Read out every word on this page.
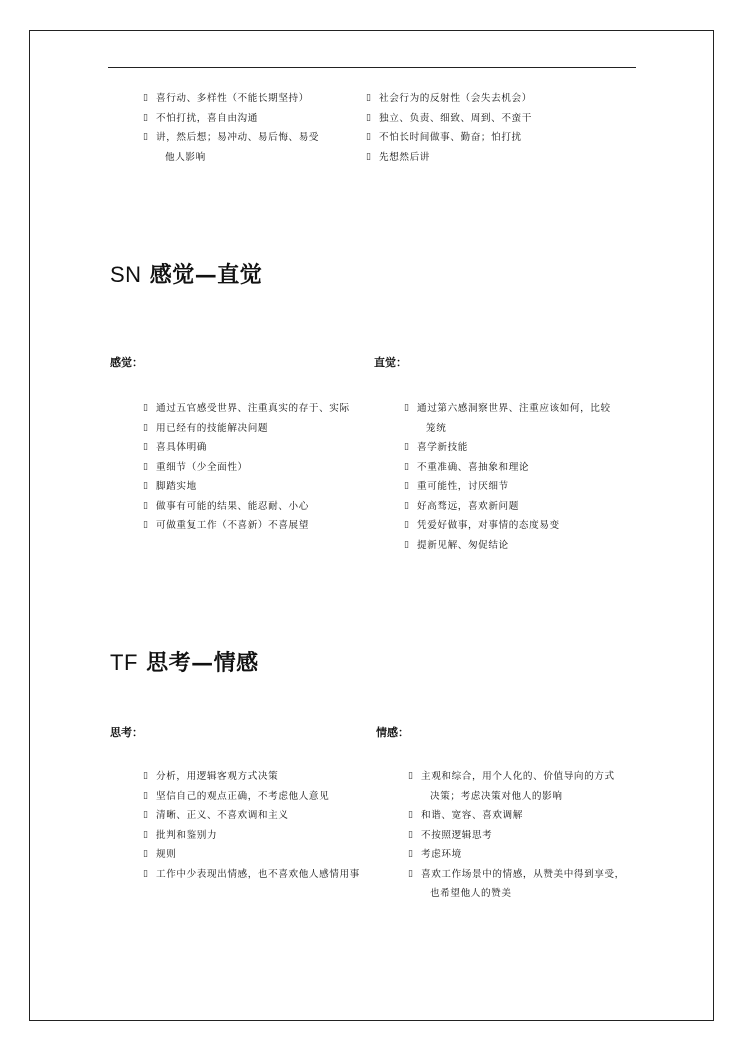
▯ 喜行动、多样性（不能长期坚持）
▯ 不怕打扰，喜自由沟通
▯ 讲，然后想；易冲动、易后悔、易受
他人影响
▯ 社会行为的反射性（会失去机会）
▯ 独立、负责、细致、周到、不蛮干
▯ 不怕长时间做事、勤奋；怕打扰
▯ 先想然后讲
SN 感觉—直觉
感觉：	直觉：
▯ 通过五官感受世界、注重真实的存于、实际
▯ 用已经有的技能解决问题
▯ 喜具体明确
▯ 重细节（少全面性）
▯ 脚踏实地
▯ 做事有可能的结果、能忍耐、小心
▯ 可做重复工作（不喜新）不喜展望
▯ 通过第六感洞察世界、注重应该如何，比较
笼统
▯ 喜学新技能
▯ 不重准确、喜抽象和理论
▯ 重可能性，讨厌细节
▯ 好高骛远，喜欢新问题
▯ 凭爱好做事，对事情的态度易变
▯ 提新见解、匆促结论
TF 思考—情感
思考：	情感：
▯ 分析，用逻辑客观方式决策
▯ 坚信自己的观点正确，不考虑他人意见
▯ 清晰、正义、不喜欢调和主义
▯ 批判和鉴别力
▯ 规则
▯ 工作中少表现出情感，也不喜欢他人感情用事
▯ 主观和综合，用个人化的、价值导向的方式
决策；考虑决策对他人的影响
▯ 和谐、宽容、喜欢调解
▯ 不按照逻辑思考
▯ 考虑环境
▯ 喜欢工作场景中的情感，从赞美中得到享受，
也希望他人的赞美
